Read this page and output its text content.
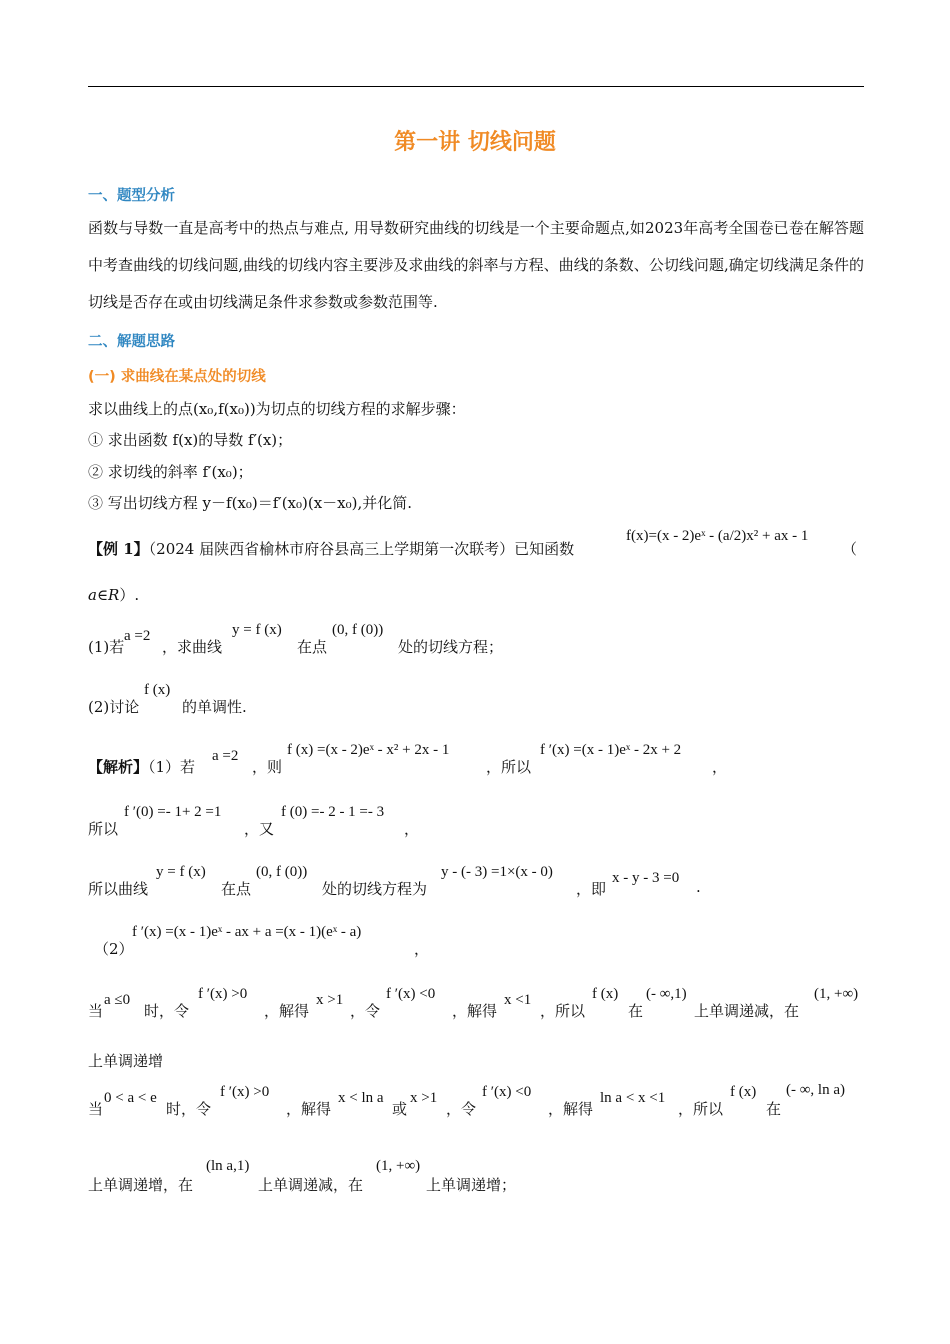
第一讲 切线问题
一、题型分析
函数与导数一直是高考中的热点与难点, 用导数研究曲线的切线是一个主要命题点,如2023年高考全国卷已卷在解答题中考查曲线的切线问题,曲线的切线内容主要涉及求曲线的斜率与方程、曲线的条数、公切线问题,确定切线满足条件的切线是否存在或由切线满足条件求参数或参数范围等.
二、解题思路
(一) 求曲线在某点处的切线
求以曲线上的点(x₀,f(x₀))为切点的切线方程的求解步骤：
① 求出函数 f(x)的导数 f′(x)；
② 求切线的斜率 f′(x₀)；
③ 写出切线方程 y－f(x₀)＝f′(x₀)(x－x₀),并化简.
【例 1】（2024 届陕西省榆林市府谷县高三上学期第一次联考）已知函数
f(x)=(x - 2)eˣ - (a/2)x² + ax - 1
（
a∈R）.
(1)若
a =2
，求曲线
y = f (x)
在点
(0, f (0))
处的切线方程；
(2)讨论
f (x)
的单调性.
【解析】（1）若
a =2
，则
f (x) =(x - 2)eˣ - x² + 2x - 1
，所以
f ′(x) =(x - 1)eˣ - 2x + 2
，
所以
f ′(0) =- 1+ 2 =1
，又
f (0) =- 2 - 1 =- 3
，
所以曲线
y = f (x)
在点
(0, f (0))
处的切线方程为
y - (- 3) =1×(x - 0)
，即
x - y - 3 =0 .
（2）
f ′(x) =(x - 1)eˣ - ax + a =(x - 1)(eˣ - a)
，
当
a ≤0
时，令
f ′(x) >0
，解得
x >1
，令
f ′(x) <0
，解得
x <1
，所以
f (x)
在
(- ∞,1)
上单调递减，在
(1, +∞)
上单调递增
当
0 < a < e
时，令
f ′(x) >0
，解得
x < ln a
或
x >1
，令
f ′(x) <0
，解得
ln a < x <1
，所以
f (x)
在
(- ∞, ln a)
上单调递增，在
(ln a,1)
上单调递减，在
(1, +∞)
上单调递增；
